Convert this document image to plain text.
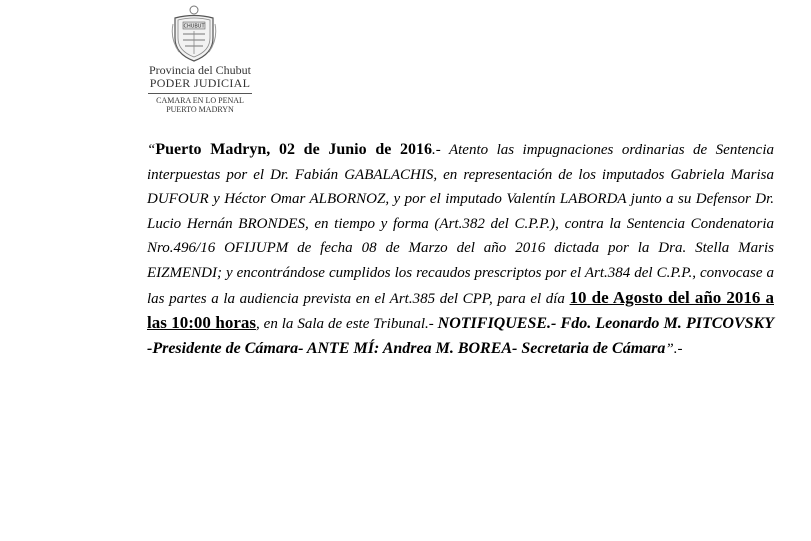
CHUBUT
Provincia del Chubut
PODER JUDICIAL
CAMARA EN LO PENAL
PUERTO MADRYN

“Puerto Madryn, 02 de Junio de 2016.- Atento las impugnaciones ordinarias de Sentencia interpuestas por el Dr. Fabián GABALACHIS, en representación de los imputados Gabriela Marisa DUFOUR y Héctor Omar ALBORNOZ, y por el imputado Valentín LABORDA junto a su Defensor Dr. Lucio Hernán BRONDES, en tiempo y forma (Art.382 del C.P.P.), contra la Sentencia Condenatoria Nro.496/16 OFIJUPM de fecha 08 de Marzo del año 2016 dictada por la Dra. Stella Maris EIZMENDI; y encontrándose cumplidos los recaudos prescriptos por el Art.384 del C.P.P., convocase a las partes a la audiencia prevista en el Art.385 del CPP, para el día 10 de Agosto del año 2016 a las 10:00 horas, en la Sala de este Tribunal.- NOTIFIQUESE.- Fdo. Leonardo M. PITCOVSKY -Presidente de Cámara- ANTE MÍ: Andrea M. BOREA- Secretaria de Cámara”.-
